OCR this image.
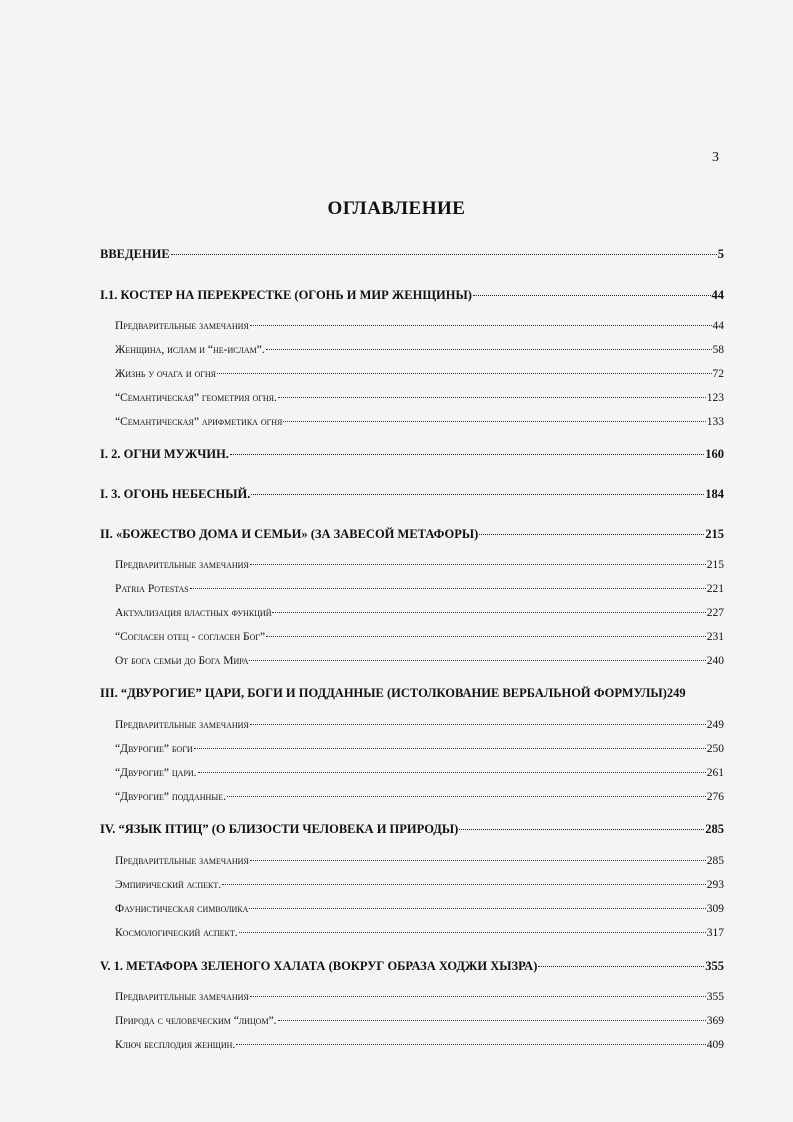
3
ОГЛАВЛЕНИЕ
ВВЕДЕНИЕ	5
I.1. КОСТЕР НА ПЕРЕКРЕСТКЕ (ОГОНЬ И МИР ЖЕНЩИНЫ)	44
Предварительные замечания	44
Женщина, ислам и “не-ислам”.	58
Жизнь у очага и огня	72
“Семантическая” геометрия огня.	123
“Семантическая” арифметика огня	133
I. 2. ОГНИ МУЖЧИН.	160
I. 3. ОГОНЬ НЕБЕСНЫЙ.	184
II. «БОЖЕСТВО ДОМА И СЕМЬИ» (ЗА ЗАВЕСОЙ МЕТАФОРЫ)	215
Предварительные замечания	215
Patria Potestas	221
Актуализация властных функций	227
“Согласен отец - согласен Бог”	231
От бога семьи до Бога Мира	240
III. “ДВУРОГИЕ” ЦАРИ, БОГИ И ПОДДАННЫЕ (ИСТОЛКОВАНИЕ ВЕРБАЛЬНОЙ ФОРМУЛЫ)249
Предварительные замечания	249
“Двурогие” боги	250
“Двурогие” цари.	261
“Двурогие” подданные.	276
IV. “ЯЗЫК ПТИЦ” (О БЛИЗОСТИ ЧЕЛОВЕКА И ПРИРОДЫ)	285
Предварительные замечания	285
Эмпирический аспект.	293
Фаунистическая символика	309
Космологический аспект.	317
V. 1. МЕТАФОРА ЗЕЛЕНОГО ХАЛАТА (ВОКРУГ ОБРАЗА ХОДЖИ ХЫЗРА)	355
Предварительные замечания	355
Природа с человеческим “лицом”.	369
Ключ бесплодия женщин.	409
